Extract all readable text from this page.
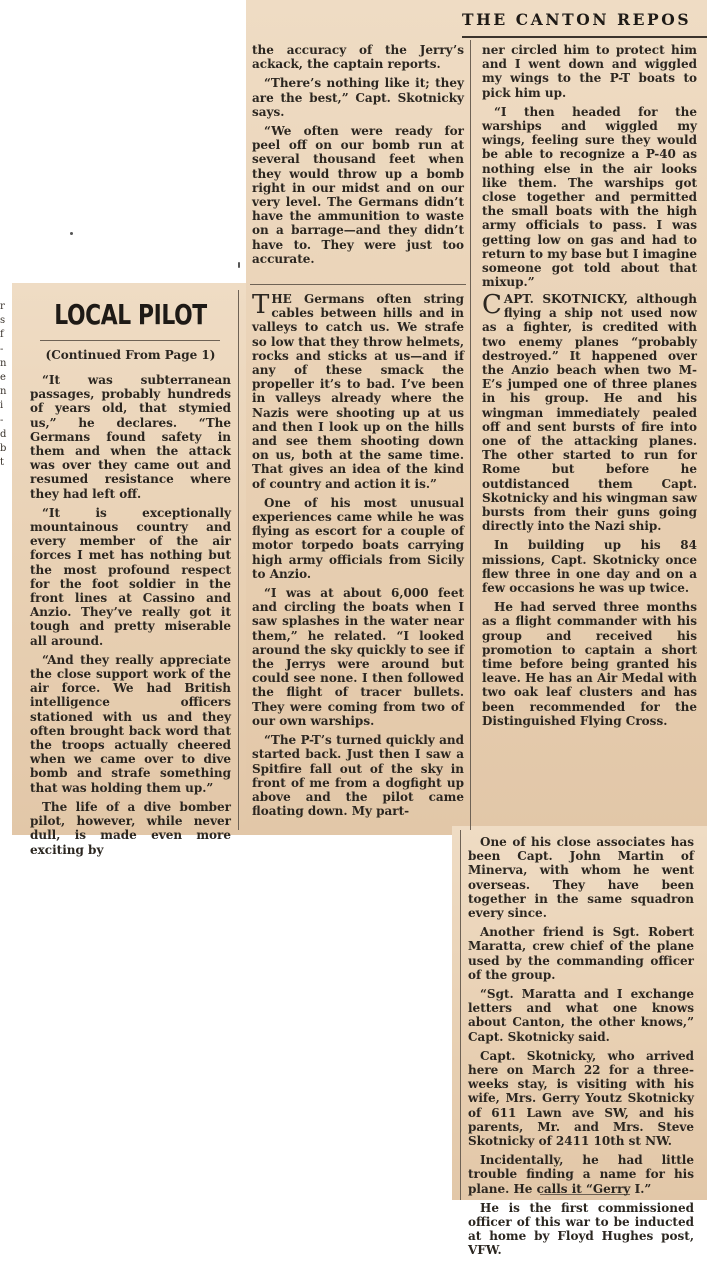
r
s
f
-
n
e
n
i
-
d
b
t
THE CANTON REPOS
LOCAL PILOT
(Continued From Page 1)

“It was subterranean passages, probably hundreds of years old, that stymied us,” he declares. “The Germans found safety in them and when the attack was over they came out and resumed resistance where they had left off.

“It is exceptionally mountainous country and every member of the air forces I met has nothing but the most profound respect for the foot soldier in the front lines at Cassino and Anzio. They’ve really got it tough and pretty miserable all around.

“And they really appreciate the close support work of the air force. We had British intelligence officers stationed with us and they often brought back word that the troops actually cheered when we came over to dive bomb and strafe something that was holding them up.”

The life of a dive bomber pilot, however, while never dull, is made even more exciting by

the accuracy of the Jerry’s ackack, the captain reports.

“There’s nothing like it; they are the best,” Capt. Skotnicky says.

“We often were ready for peel off on our bomb run at several thousand feet when they would throw up a bomb right in our midst and on our very level. The Germans didn’t have the ammunition to waste on a barrage—and they didn’t have to. They were just too accurate.

THE Germans often string cables between hills and in valleys to catch us. We strafe so low that they throw helmets, rocks and sticks at us—and if any of these smack the propeller it’s to bad. I’ve been in valleys already where the Nazis were shooting up at us and then I look up on the hills and see them shooting down on us, both at the same time. That gives an idea of the kind of country and action it is.”

One of his most unusual experiences came while he was flying as escort for a couple of motor torpedo boats carrying high army officials from Sicily to Anzio.

“I was at about 6,000 feet and circling the boats when I saw splashes in the water near them,” he related. “I looked around the sky quickly to see if the Jerrys were around but could see none. I then followed the flight of tracer bullets. They were coming from two of our own warships.

“The P-T’s turned quickly and started back. Just then I saw a Spitfire fall out of the sky in front of me from a dogfight up above and the pilot came floating down. My part-

ner circled him to protect him and I went down and wiggled my wings to the P-T boats to pick him up.

“I then headed for the warships and wiggled my wings, feeling sure they would be able to recognize a P-40 as nothing else in the air looks like them. The warships got close together and permitted the small boats with the high army officials to pass. I was getting low on gas and had to return to my base but I imagine someone got told about that mixup.”

CAPT. SKOTNICKY, although flying a ship not used now as a fighter, is credited with two enemy planes “probably destroyed.” It happened over the Anzio beach when two M-E’s jumped one of three planes in his group. He and his wingman immediately pealed off and sent bursts of fire into one of the attacking planes. The other started to run for Rome but before he outdistanced them Capt. Skotnicky and his wingman saw bursts from their guns going directly into the Nazi ship.

In building up his 84 missions, Capt. Skotnicky once flew three in one day and on a few occasions he was up twice.

He had served three months as a flight commander with his group and received his promotion to captain a short time before being granted his leave. He has an Air Medal with two oak leaf clusters and has been recommended for the Distinguished Flying Cross.

One of his close associates has been Capt. John Martin of Minerva, with whom he went overseas. They have been together in the same squadron every since.

Another friend is Sgt. Robert Maratta, crew chief of the plane used by the commanding officer of the group.

“Sgt. Maratta and I exchange letters and what one knows about Canton, the other knows,” Capt. Skotnicky said.

Capt. Skotnicky, who arrived here on March 22 for a three-weeks stay, is visiting with his wife, Mrs. Gerry Youtz Skotnicky of 611 Lawn ave SW, and his parents, Mr. and Mrs. Steve Skotnicky of 2411 10th st NW.

Incidentally, he had little trouble finding a name for his plane. He calls it “Gerry I.”

He is the first commissioned officer of this war to be inducted at home by Floyd Hughes post, VFW.
